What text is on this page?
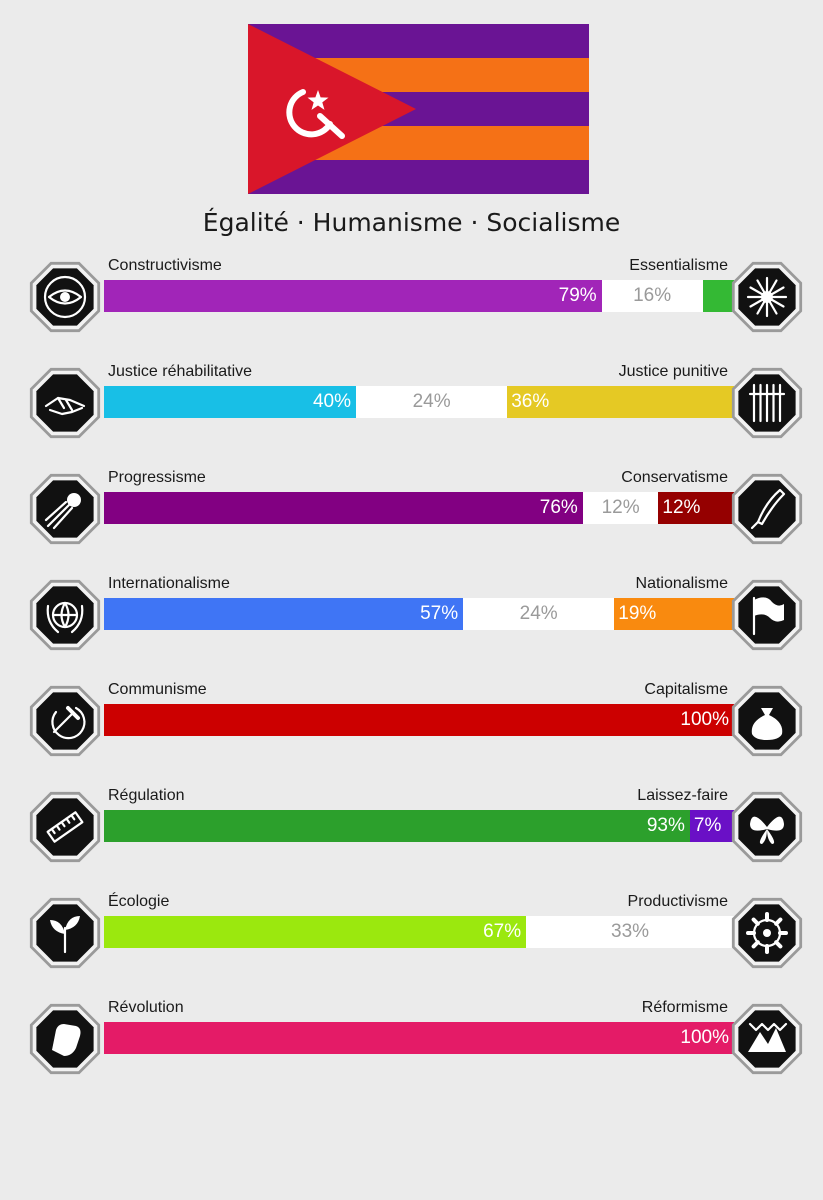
Égalité · Humanisme · Socialisme
Constructivisme	Essentialisme
79%	16%
Justice réhabilitative	Justice punitive
40%	24%	36%
Progressisme	Conservatisme
76%	12%	12%
Internationalisme	Nationalisme
57%	24%	19%
Communisme	Capitalisme
100%
Régulation	Laissez-faire
93% 7%
Écologie	Productivisme
67%	33%
Révolution	Réformisme
100%
